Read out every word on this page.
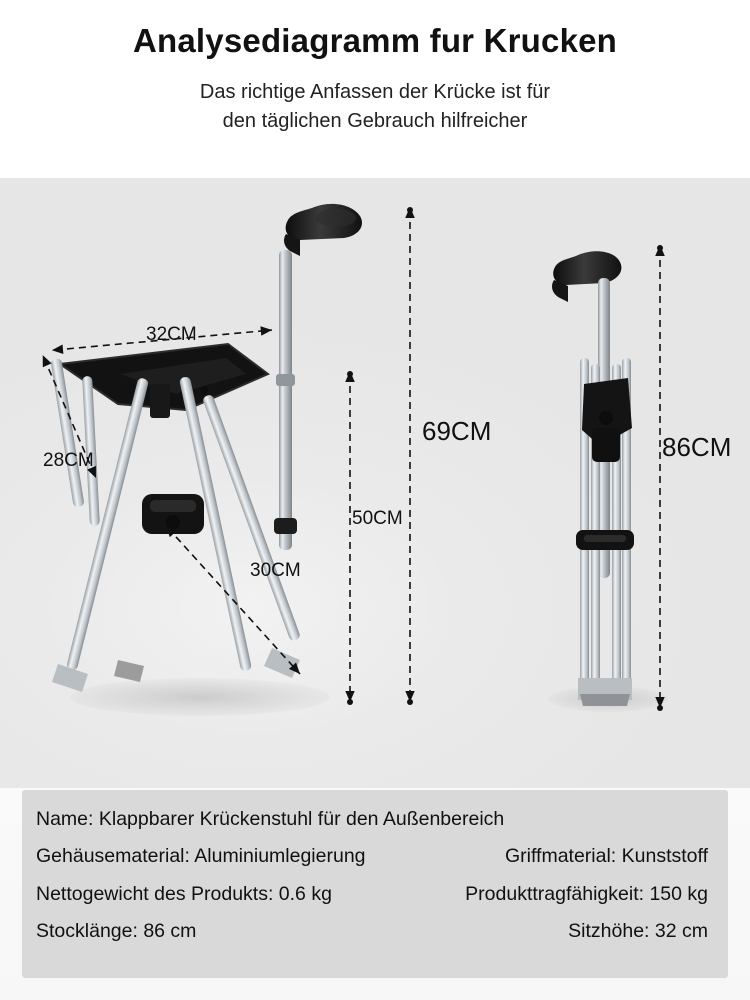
Analysediagramm fur Krucken
Das richtige Anfassen der Krücke ist für
den täglichen Gebrauch hilfreicher
32CM
28CM
30CM
50CM
69CM
86CM
Name: Klappbarer Krückenstuhl für den Außenbereich
Gehäusematerial: Aluminiumlegierung	Griffmaterial: Kunststoff
Nettogewicht des Produkts: 0.6 kg	Produkttragfähigkeit: 150 kg
Stocklänge: 86 cm	Sitzhöhe: 32 cm
